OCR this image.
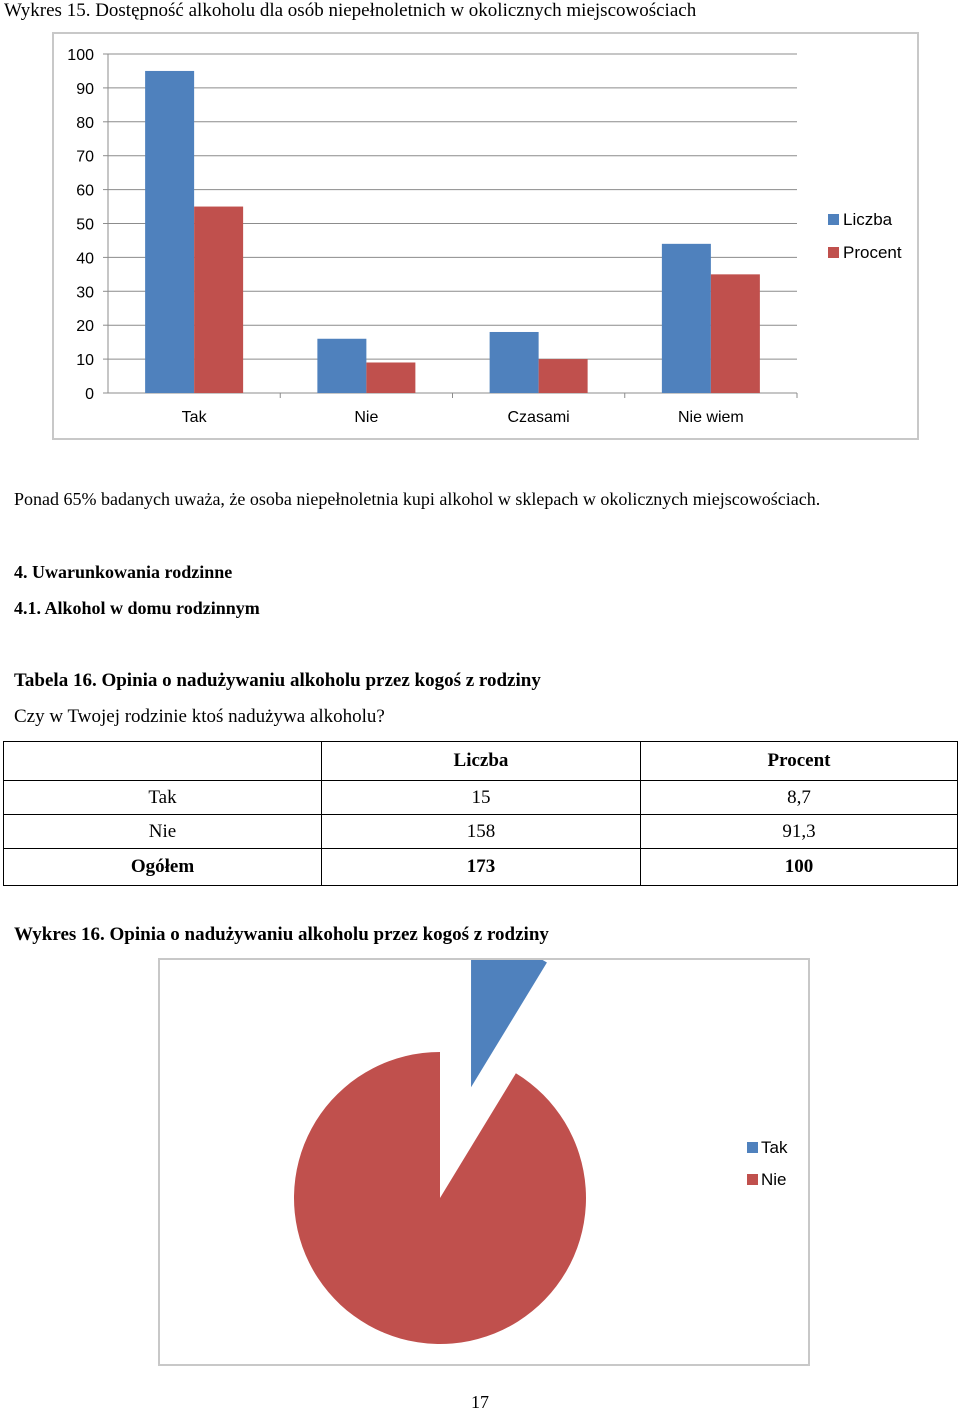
Wykres 15. Dostępność alkoholu dla osób niepełnoletnich w okolicznych miejscowościach
0
10
20
30
40
50
60
70
80
90
100
Tak	Nie	Czasami	Nie wiem
Liczba
Procent
Ponad 65% badanych uważa, że osoba niepełnoletnia kupi alkohol w sklepach w okolicznych miejscowościach.
4. Uwarunkowania rodzinne
4.1. Alkohol w domu rodzinnym
Tabela 16. Opinia o nadużywaniu alkoholu przez kogoś z rodziny
Czy w Twojej rodzinie ktoś nadużywa alkoholu?
	Liczba	Procent
Tak	15	8,7
Nie	158	91,3
Ogółem	173	100
Wykres 16. Opinia o nadużywaniu alkoholu przez kogoś z rodziny
Tak
Nie
17
